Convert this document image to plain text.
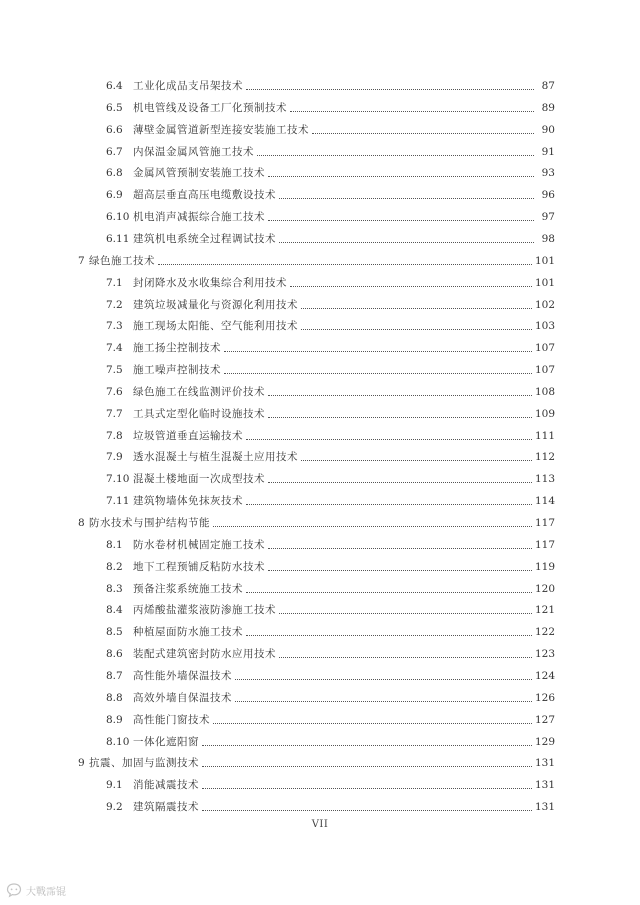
6.4 工业化成品支吊架技术	87
6.5 机电管线及设备工厂化预制技术	89
6.6 薄壁金属管道新型连接安装施工技术	90
6.7 内保温金属风管施工技术	91
6.8 金属风管预制安装施工技术	93
6.9 超高层垂直高压电缆敷设技术	96
6.10 机电消声减振综合施工技术	97
6.11 建筑机电系统全过程调试技术	98
7 绿色施工技术	101
7.1 封闭降水及水收集综合利用技术	101
7.2 建筑垃圾减量化与资源化利用技术	102
7.3 施工现场太阳能、空气能利用技术	103
7.4 施工扬尘控制技术	107
7.5 施工噪声控制技术	107
7.6 绿色施工在线监测评价技术	108
7.7 工具式定型化临时设施技术	109
7.8 垃圾管道垂直运输技术	111
7.9 透水混凝土与植生混凝土应用技术	112
7.10 混凝土楼地面一次成型技术	113
7.11 建筑物墙体免抹灰技术	114
8 防水技术与围护结构节能	117
8.1 防水卷材机械固定施工技术	117
8.2 地下工程预铺反粘防水技术	119
8.3 预备注浆系统施工技术	120
8.4 丙烯酸盐灌浆液防渗施工技术	121
8.5 种植屋面防水施工技术	122
8.6 装配式建筑密封防水应用技术	123
8.7 高性能外墙保温技术	124
8.8 高效外墙自保温技术	126
8.9 高性能门窗技术	127
8.10 一体化遮阳窗	129
9 抗震、加固与监测技术	131
9.1 消能减震技术	131
9.2 建筑隔震技术	131
VII
大戰霈锟
